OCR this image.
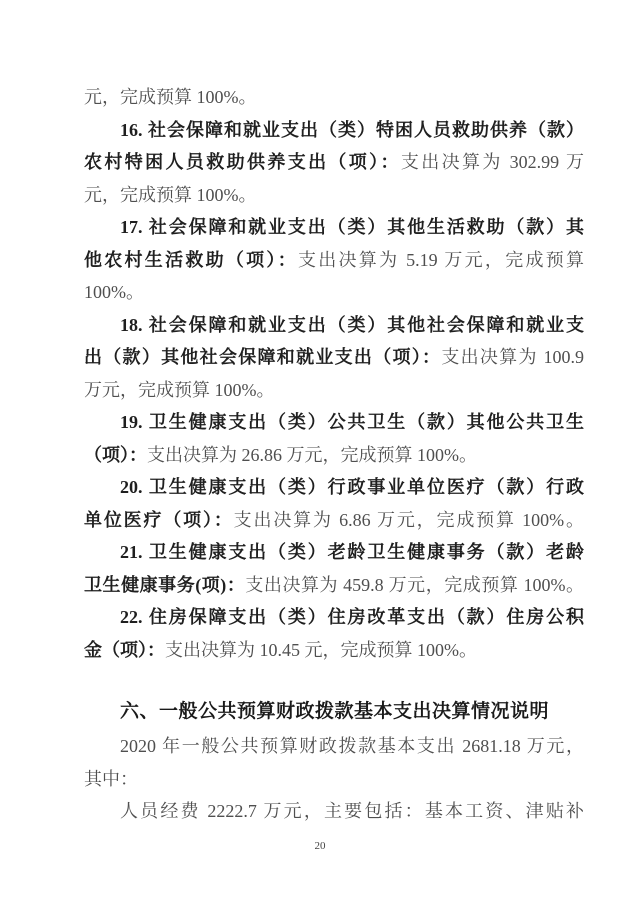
元，完成预算 100%。
16. 社会保障和就业支出（类）特困人员救助供养（款）
农村特困人员救助供养支出（项）：支出决算为 302.99 万
元，完成预算 100%。
17. 社会保障和就业支出（类）其他生活救助（款）其
他农村生活救助（项）：支出决算为 5.19 万元，完成预算
100%。
18. 社会保障和就业支出（类）其他社会保障和就业支
出（款）其他社会保障和就业支出（项）：支出决算为 100.9
万元，完成预算 100%。
19. 卫生健康支出（类）公共卫生（款）其他公共卫生
（项）：支出决算为 26.86 万元，完成预算 100%。
20. 卫生健康支出（类）行政事业单位医疗（款）行政
单位医疗（项）：支出决算为 6.86 万元，完成预算 100%。
21. 卫生健康支出（类）老龄卫生健康事务（款）老龄
卫生健康事务(项)：支出决算为 459.8 万元，完成预算 100%。
22. 住房保障支出（类）住房改革支出（款）住房公积
金（项）：支出决算为 10.45 元，完成预算 100%。
六、一般公共预算财政拨款基本支出决算情况说明
2020 年一般公共预算财政拨款基本支出 2681.18 万元，
其中：
人员经费 2222.7 万元，主要包括：基本工资、津贴补
20
